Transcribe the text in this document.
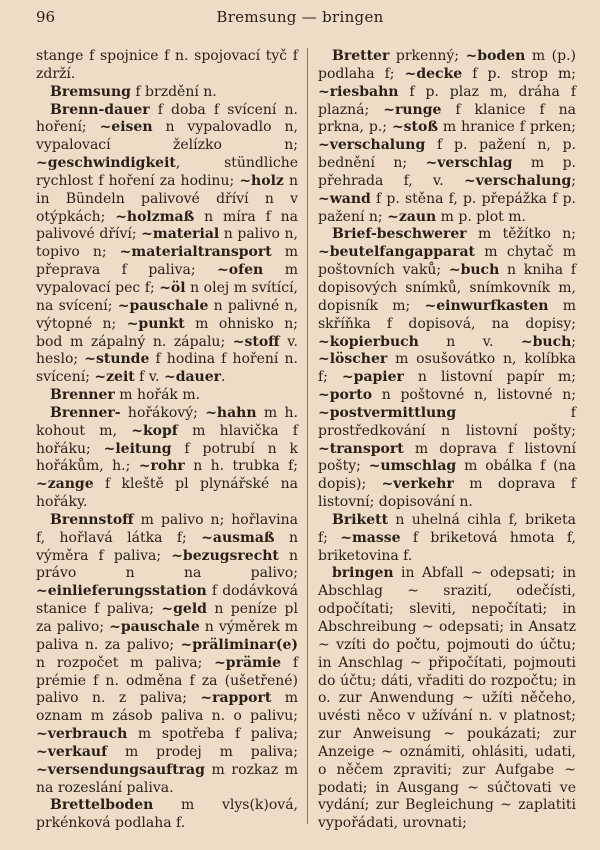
96	Bremsung — bringen

stange f spojnice f n. spojovací tyč f zdrží.

Bremsung f brzdění n.

Brenn-dauer f doba f svícení n. hoření; ~eisen n vypalovadlo n, vypalovací želízko n; ~geschwindigkeit, stündliche rychlost f hoření za hodinu; ~holz n in Bündeln palivové dříví n v otýpkách; ~holzmaß n míra f na palivové dříví; ~material n palivo n, topivo n; ~materialtransport m přeprava f paliva; ~ofen m vypalovací pec f; ~öl n olej m svítící, na svícení; ~pauschale n palivné n, výtopné n; ~punkt m ohnisko n; bod m zápalný n. zápalu; ~stoff v. heslo; ~stunde f hodina f hoření n. svícení; ~zeit f v. ~dauer.

Brenner m hořák m.

Brenner- hořákový; ~hahn m h. kohout m, ~kopf m hlavička f hořáku; ~leitung f potrubí n k hořákům, h.; ~rohr n h. trubka f; ~zange f kleště pl plynářské na hořáky.

Brennstoff m palivo n; hořlavina f, hořlavá látka f; ~ausmaß n výměra f paliva; ~bezugsrecht n právo n na palivo; ~einlieferungsstation f dodávková stanice f paliva; ~geld n peníze pl za palivo; ~pauschale n výměrek m paliva n. za palivo; ~präliminar(e) n rozpočet m paliva; ~prämie f prémie f n. odměna f za (ušetřené) palivo n. z paliva; ~rapport m oznam m zásob paliva n. o palivu; ~verbrauch m spotřeba f paliva; ~verkauf m prodej m paliva; ~versendungsauftrag m rozkaz m na rozeslání paliva.

Brettelboden m vlys(k)ová, prkénková podlaha f.

Bretter prkenný; ~boden m (p.) podlaha f; ~decke f p. strop m; ~riesbahn f p. plaz m, dráha f plazná; ~runge f klanice f na prkna, p.; ~stoß m hranice f prken; ~verschalung f p. pažení n, p. bednění n; ~verschlag m p. přehrada f, v. ~verschalung; ~wand f p. stěna f, p. přepážka f p. pažení n; ~zaun m p. plot m.

Brief-beschwerer m těžítko n; ~beutelfangapparat m chytač m poštovních vaků; ~buch n kniha f dopisových snímků, snímkovník m, dopisník m; ~einwurfkasten m skříňka f dopisová, na dopisy; ~kopierbuch n v. ~buch; ~löscher m osušovátko n, kolíbka f; ~papier n listovní papír m; ~porto n poštovné n, listovné n; ~postvermittlung f prostředkování n listovní pošty; ~transport m doprava f listovní pošty; ~umschlag m obálka f (na dopis); ~verkehr m doprava f listovní; dopisování n.

Brikett n uhelná cihla f, briketa f; ~masse f briketová hmota f, briketovina f.

bringen in Abfall ~ odepsati; in Abschlag ~ srazití, odečísti, odpočítati; sleviti, nepočítati; in Abschreibung ~ odepsati; in Ansatz ~ vzíti do počtu, pojmouti do účtu; in Anschlag ~ připočítati, pojmouti do účtu; dáti, vřaditi do rozpočtu; in o. zur Anwendung ~ užíti něčeho, uvésti něco v užívání n. v platnost; zur Anweisung ~ poukázati; zur Anzeige ~ oznámiti, ohlásiti, udati, o něčem zpraviti; zur Aufgabe ~ podati; in Ausgang ~ súčtovati ve vydání; zur Begleichung ~ zaplatiti vypořádati, urovnati;
